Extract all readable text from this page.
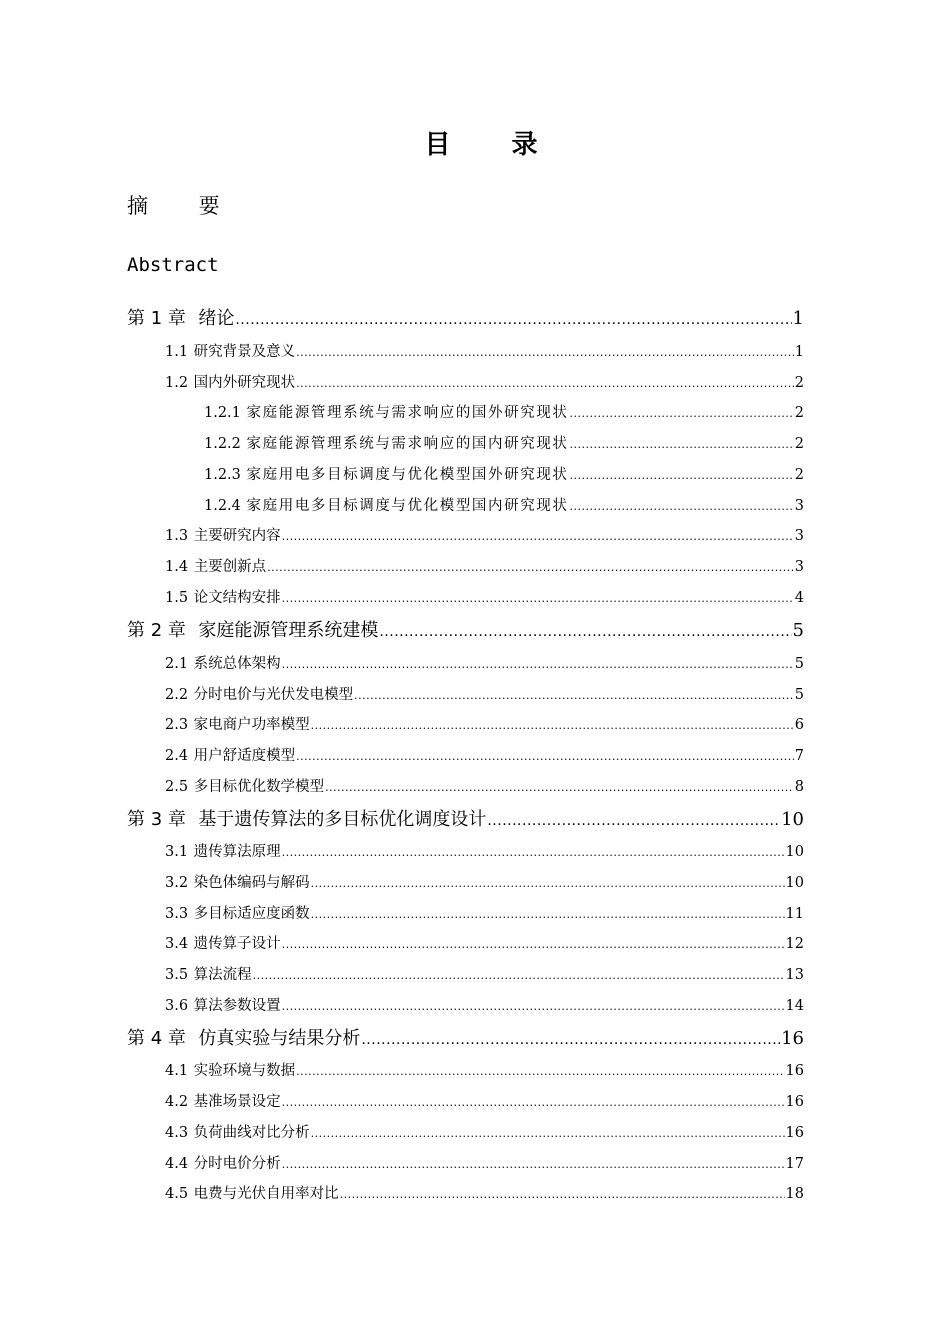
目 录
摘 要
Abstract
第 1 章 绪论 .....	1
1.1 研究背景及意义 .....	1
1.2 国内外研究现状 .....	2
1.2.1 家庭能源管理系统与需求响应的国外研究现状 .....	2
1.2.2 家庭能源管理系统与需求响应的国内研究现状 .....	2
1.2.3 家庭用电多目标调度与优化模型国外研究现状 .....	2
1.2.4 家庭用电多目标调度与优化模型国内研究现状 .....	3
1.3 主要研究内容 .....	3
1.4 主要创新点 .....	3
1.5 论文结构安排 .....	4
第 2 章 家庭能源管理系统建模 .....	5
2.1 系统总体架构 .....	5
2.2 分时电价与光伏发电模型 .....	5
2.3 家电商户功率模型 .....	6
2.4 用户舒适度模型 .....	7
2.5 多目标优化数学模型 .....	8
第 3 章 基于遗传算法的多目标优化调度设计 .....	10
3.1 遗传算法原理 .....	10
3.2 染色体编码与解码 .....	10
3.3 多目标适应度函数 .....	11
3.4 遗传算子设计 .....	12
3.5 算法流程 .....	13
3.6 算法参数设置 .....	14
第 4 章 仿真实验与结果分析 .....	16
4.1 实验环境与数据 .....	16
4.2 基准场景设定 .....	16
4.3 负荷曲线对比分析 .....	16
4.4 分时电价分析 .....	17
4.5 电费与光伏自用率对比 .....	18
